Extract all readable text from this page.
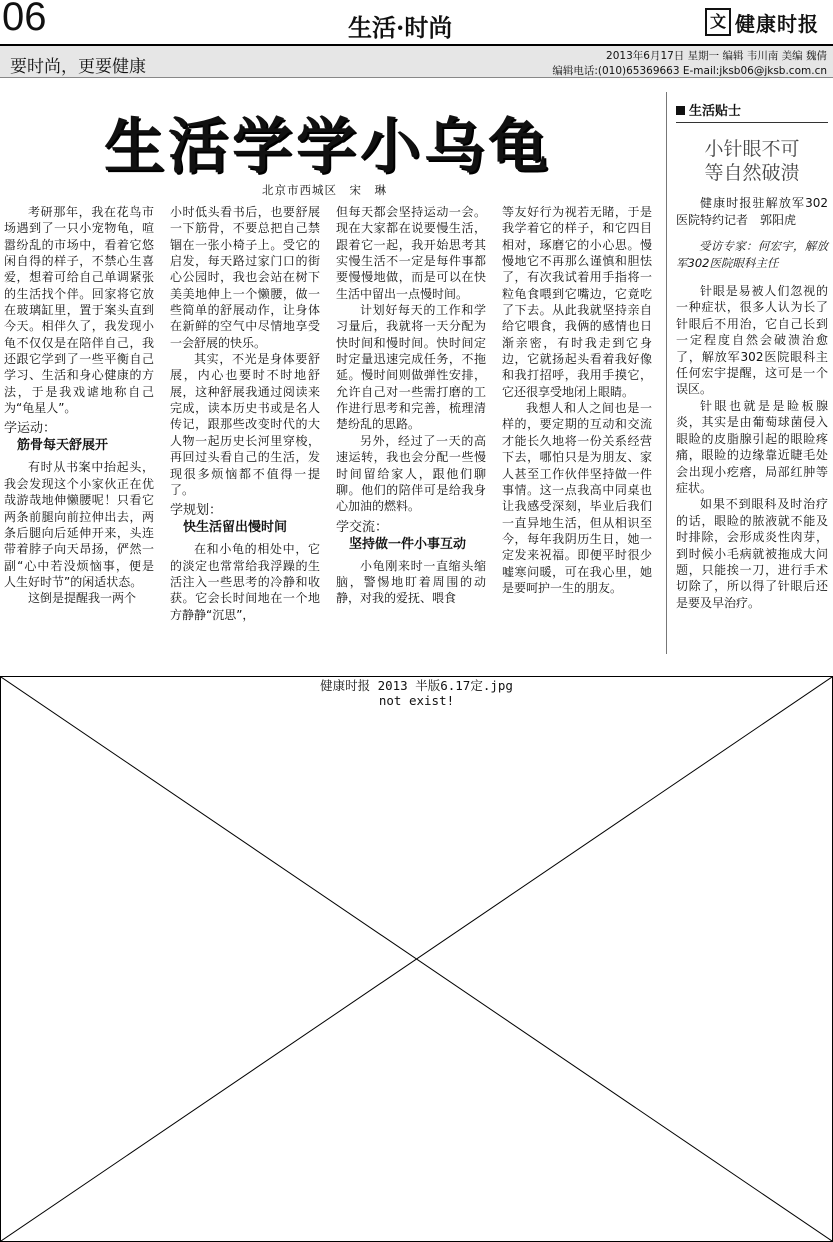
06	生活·时尚	文 健康时报
要时尚，更要健康
2013年6月17日 星期一 编辑 韦川南 美编 魏倩
编辑电话:(010)65369663 E-mail:jksb06@jksb.com.cn
生活学学小乌龟
北京市西城区　宋　琳

考研那年，我在花鸟市场遇到了一只小宠物龟，喧嚣纷乱的市场中，看着它悠闲自得的样子，不禁心生喜爱，想着可给自己单调紧张的生活找个伴。回家将它放在玻璃缸里，置于案头直到今天。相伴久了，我发现小龟不仅仅是在陪伴自己，我还跟它学到了一些平衡自己学习、生活和身心健康的方法，于是我戏谑地称自己为“龟星人”。

学运动：
筋骨每天舒展开

有时从书案中抬起头，我会发现这个小家伙正在优哉游哉地伸懒腰呢！只看它两条前腿向前拉伸出去，两条后腿向后延伸开来，头连带着脖子向天昂扬，俨然一副“心中若没烦恼事，便是人生好时节”的闲适状态。

这倒是提醒我一两个

小时低头看书后，也要舒展一下筋骨，不要总把自己禁锢在一张小椅子上。受它的启发，每天路过家门口的街心公园时，我也会站在树下美美地伸上一个懒腰，做一些简单的舒展动作，让身体在新鲜的空气中尽情地享受一会舒展的快乐。

其实，不光是身体要舒展，内心也要时不时地舒展，这种舒展我通过阅读来完成，读本历史书或是名人传记，跟那些改变时代的大人物一起历史长河里穿梭，再回过头看自己的生活，发现很多烦恼都不值得一提了。

学规划：
快生活留出慢时间

在和小龟的相处中，它的淡定也常常给我浮躁的生活注入一些思考的冷静和收获。它会长时间地在一个地方静静“沉思”，

但每天都会坚持运动一会。现在大家都在说要慢生活，跟着它一起，我开始思考其实慢生活不一定是每件事都要慢慢地做，而是可以在快生活中留出一点慢时间。

计划好每天的工作和学习量后，我就将一天分配为快时间和慢时间。快时间定时定量迅速完成任务，不拖延。慢时间则做弹性安排，允许自己对一些需打磨的工作进行思考和完善，梳理清楚纷乱的思路。

另外，经过了一天的高速运转，我也会分配一些慢时间留给家人，跟他们聊聊。他们的陪伴可是给我身心加油的燃料。

学交流：
坚持做一件小事互动

小龟刚来时一直缩头缩脑，警惕地盯着周围的动静，对我的爱抚、喂食

等友好行为视若无睹，于是我学着它的样子，和它四目相对，琢磨它的小心思。慢慢地它不再那么谨慎和胆怯了，有次我试着用手指将一粒龟食喂到它嘴边，它竟吃了下去。从此我就坚持亲自给它喂食，我俩的感情也日渐亲密，有时我走到它身边，它就扬起头看着我好像和我打招呼，我用手摸它，它还很享受地闭上眼睛。

我想人和人之间也是一样的，要定期的互动和交流才能长久地将一份关系经营下去，哪怕只是为朋友、家人甚至工作伙伴坚持做一件事情。这一点我高中同桌也让我感受深刻，毕业后我们一直异地生活，但从相识至今，每年我阴历生日，她一定发来祝福。即便平时很少嘘寒问暖，可在我心里，她是要呵护一生的朋友。

生活贴士
小针眼不可
等自然破溃

健康时报驻解放军302医院特约记者　郭阳虎

受访专家：何宏宇，解放军302医院眼科主任

针眼是易被人们忽视的一种症状，很多人认为长了针眼后不用治，它自己长到一定程度自然会破溃治愈了，解放军302医院眼科主任何宏宇提醒，这可是一个误区。

针眼也就是是睑板腺炎，其实是由葡萄球菌侵入眼睑的皮脂腺引起的眼睑疼痛，眼睑的边缘靠近睫毛处会出现小疙瘩，局部红肿等症状。

如果不到眼科及时治疗的话，眼睑的脓液就不能及时排除，会形成炎性肉芽，到时候小毛病就被拖成大问题，只能挨一刀，进行手术切除了，所以得了针眼后还是要及早治疗。

健康时报 2013 半版6.17定.jpg
not exist!
